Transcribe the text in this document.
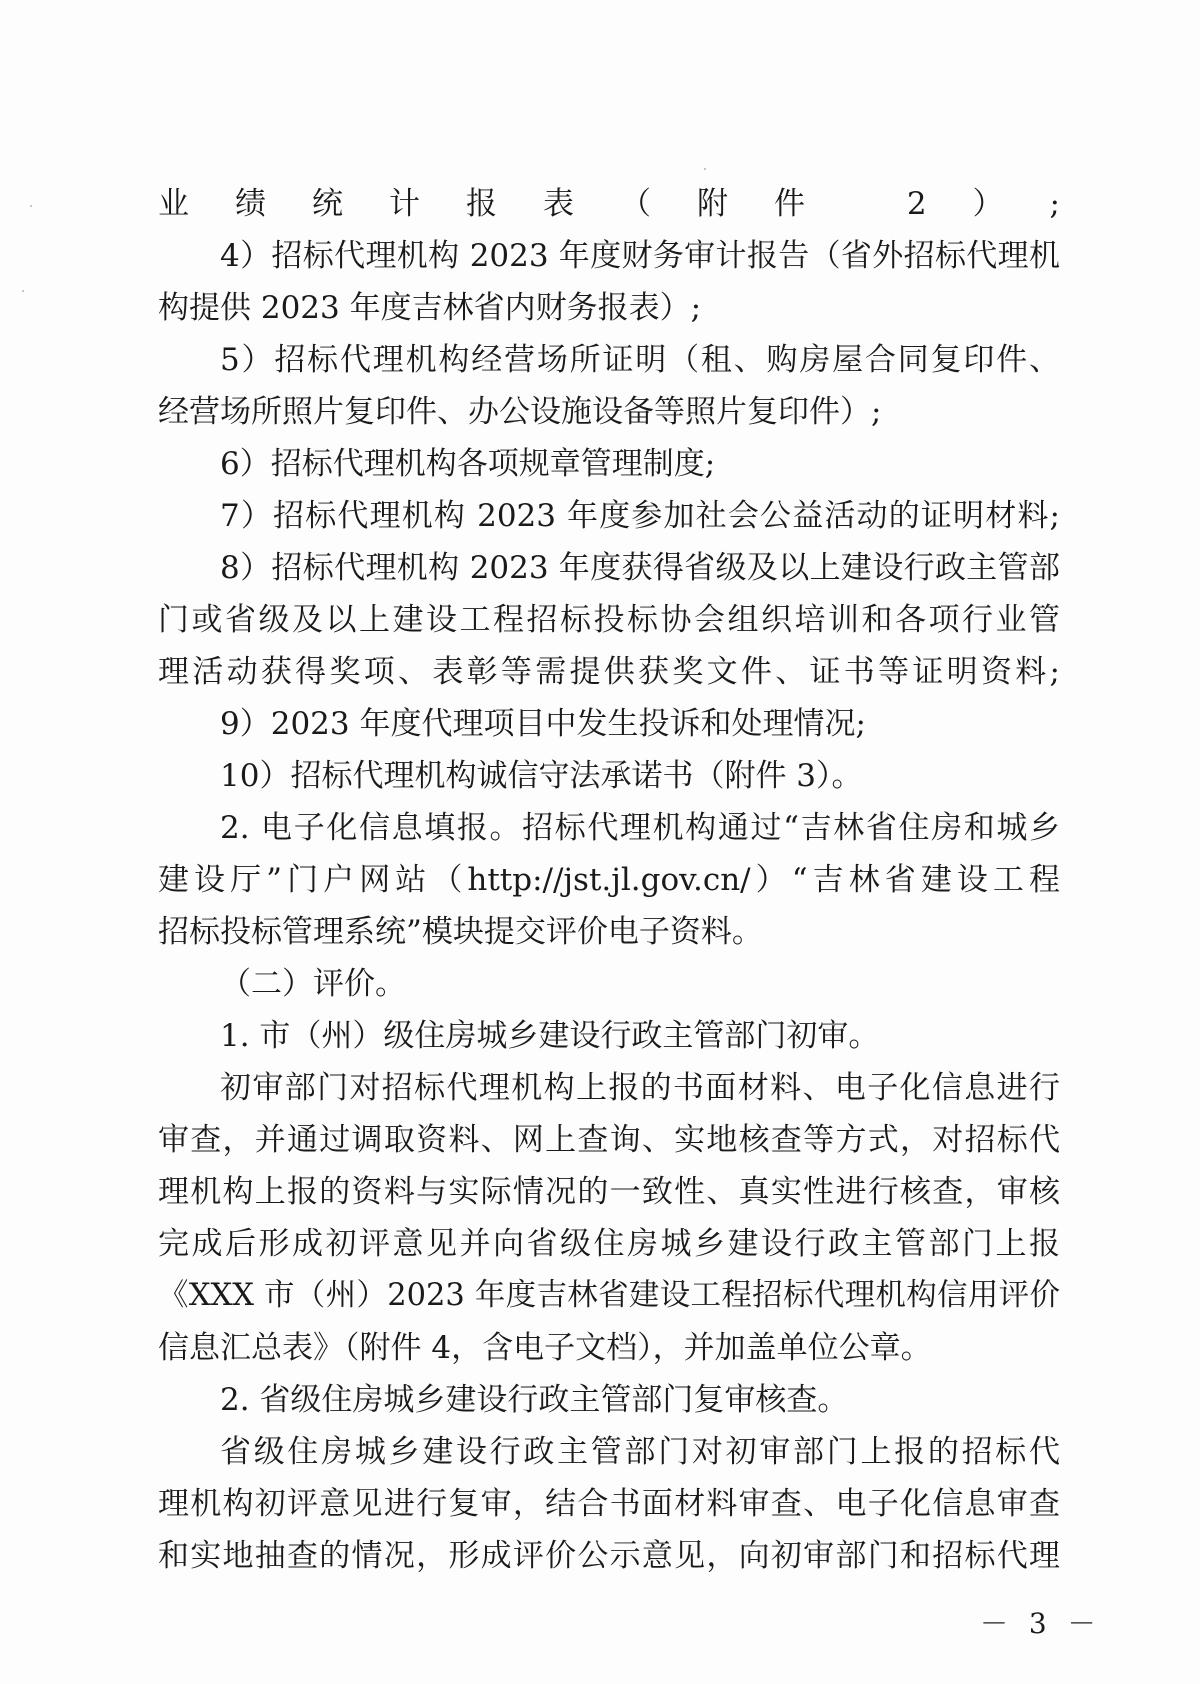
业绩统计报表（附件 2）;
4）招标代理机构 2023 年度财务审计报告（省外招标代理机
构提供 2023 年度吉林省内财务报表）;
5）招标代理机构经营场所证明（租、购房屋合同复印件、
经营场所照片复印件、办公设施设备等照片复印件）;
6）招标代理机构各项规章管理制度;
7）招标代理机构 2023 年度参加社会公益活动的证明材料;
8）招标代理机构 2023 年度获得省级及以上建设行政主管部
门或省级及以上建设工程招标投标协会组织培训和各项行业管
理活动获得奖项、表彰等需提供获奖文件、证书等证明资料;
9）2023 年度代理项目中发生投诉和处理情况;
10）招标代理机构诚信守法承诺书（附件 3）。
2. 电子化信息填报。招标代理机构通过“吉林省住房和城乡
建设厅”门户网站（http://jst.jl.gov.cn/）“吉林省建设工程
招标投标管理系统”模块提交评价电子资料。
（二）评价。
1. 市（州）级住房城乡建设行政主管部门初审。
初审部门对招标代理机构上报的书面材料、电子化信息进行
审查，并通过调取资料、网上查询、实地核查等方式，对招标代
理机构上报的资料与实际情况的一致性、真实性进行核查，审核
完成后形成初评意见并向省级住房城乡建设行政主管部门上报
《XXX 市（州）2023 年度吉林省建设工程招标代理机构信用评价
信息汇总表》（附件 4，含电子文档），并加盖单位公章。
2. 省级住房城乡建设行政主管部门复审核查。
省级住房城乡建设行政主管部门对初审部门上报的招标代
理机构初评意见进行复审，结合书面材料审查、电子化信息审查
和实地抽查的情况，形成评价公示意见，向初审部门和招标代理
－ 3 －
